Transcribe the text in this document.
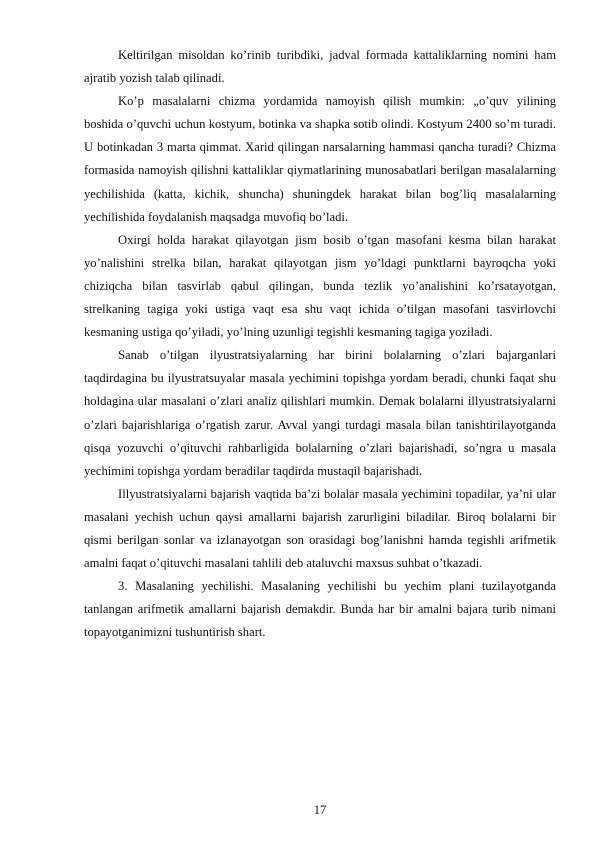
Keltirilgan misoldan ko’rinib turibdiki, jadval formada kattaliklarning nomini ham ajratib yozish talab qilinadi.

Ko’p masalalarni chizma yordamida namoyish qilish mumkin: „o’quv yilining boshida o’quvchi uchun kostyum, botinka va shapka sotib olindi. Kostyum 2400 so’m turadi. U botinkadan 3 marta qimmat. Xarid qilingan narsalarning hammasi qancha turadi? Chizma formasida namoyish qilishni kattaliklar qiymatlarining munosabatlari berilgan masalalarning yechilishida (katta, kichik, shuncha) shuningdek harakat bilan bog’liq masalalarning yechilishida foydalanish maqsadga muvofiq bo’ladi.

Oxirgi holda harakat qilayotgan jism bosib o’tgan masofani kesma bilan harakat yo’nalishini strelka bilan, harakat qilayotgan jism yo’ldagi punktlarni bayroqcha yoki chiziqcha bilan tasvirlab qabul qilingan, bunda tezlik yo’analishini ko’rsatayotgan, strelkaning tagiga yoki ustiga vaqt esa shu vaqt ichida o’tilgan masofani tasvirlovchi kesmaning ustiga qo’yiladi, yo’lning uzunligi tegishli kesmaning tagiga yoziladi.

Sanab o’tilgan ilyustratsiyalarning har birini bolalarning o’zlari bajarganlari taqdirdagina bu ilyustratsuyalar masala yechimini topishga yordam beradi, chunki faqat shu holdagina ular masalani o’zlari analiz qilishlari mumkin. Demak bolalarni illyustratsiyalarni o’zlari bajarishlariga o’rgatish zarur. Avval yangi turdagi masala bilan tanishtirilayotganda qisqa yozuvchi o’qituvchi rahbarligida bolalarning o’zlari bajarishadi, so’ngra u masala yechimini topishga yordam beradilar taqdirda mustaqil bajarishadi.

Illyustratsiyalarni bajarish vaqtida ba’zi bolalar masala yechimini topadilar, ya’ni ular masalani yechish uchun qaysi amallarni bajarish zarurligini biladilar. Biroq bolalarni bir qismi berilgan sonlar va izlanayotgan son orasidagi bog’lanishni hamda tegishli arifmetik amalni faqat o’qituvchi masalani tahlili deb ataluvchi maxsus suhbat o’tkazadi.

3. Masalaning yechilishi. Masalaning yechilishi bu yechim plani tuzilayotganda tanlangan arifmetik amallarni bajarish demakdir. Bunda har bir amalni bajara turib nimani topayotganimizni tushuntirish shart.

17
